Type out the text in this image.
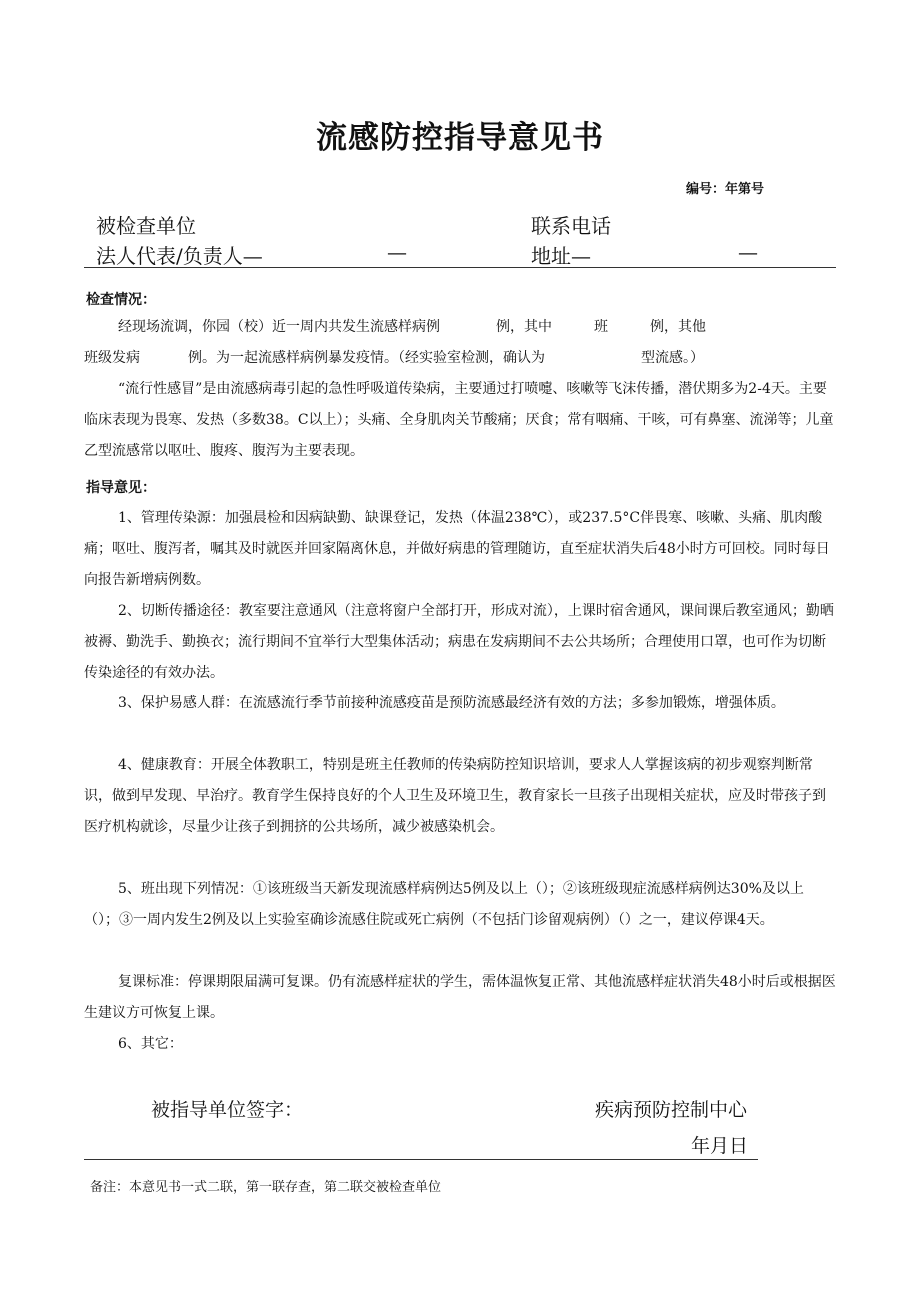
流感防控指导意见书
编号：年第号
被检查单位	联系电话
法人代表/负责人—	—	地址—	—
检查情况：
经现场流调，你园（校）近一周内共发生流感样病例	例，其中	班	例，其他
班级发病	例。为一起流感样病例暴发疫情。（经实验室检测，确认为	型流感。）
“流行性感冒”是由流感病毒引起的急性呼吸道传染病，主要通过打喷嚏、咳嗽等飞沫传播，潜伏期多为2-4天。主要临床表现为畏寒、发热（多数38。C以上）；头痛、全身肌肉关节酸痛；厌食；常有咽痛、干咳，可有鼻塞、流涕等；儿童乙型流感常以呕吐、腹疼、腹泻为主要表现。
指导意见：
1、管理传染源：加强晨检和因病缺勤、缺课登记，发热（体温238℃），或237.5°C伴畏寒、咳嗽、头痛、肌肉酸痛；呕吐、腹泻者，嘱其及时就医并回家隔离休息，并做好病患的管理随访，直至症状消失后48小时方可回校。同时每日向报告新增病例数。
2、切断传播途径：教室要注意通风（注意将窗户全部打开，形成对流），上课时宿舍通风，课间课后教室通风；勤晒被褥、勤洗手、勤换衣；流行期间不宜举行大型集体活动；病患在发病期间不去公共场所；合理使用口罩，也可作为切断传染途径的有效办法。
3、保护易感人群：在流感流行季节前接种流感疫苗是预防流感最经济有效的方法；多参加锻炼，增强体质。
4、健康教育：开展全体教职工，特别是班主任教师的传染病防控知识培训，要求人人掌握该病的初步观察判断常识，做到早发现、早治疗。教育学生保持良好的个人卫生及环境卫生，教育家长一旦孩子出现相关症状，应及时带孩子到医疗机构就诊，尽量少让孩子到拥挤的公共场所，减少被感染机会。
5、班出现下列情况：①该班级当天新发现流感样病例达5例及以上（）；②该班级现症流感样病例达30%及以上（）；③一周内发生2例及以上实验室确诊流感住院或死亡病例（不包括门诊留观病例）（）之一，建议停课4天。
复课标准：停课期限届满可复课。仍有流感样症状的学生，需体温恢复正常、其他流感样症状消失48小时后或根据医生建议方可恢复上课。
6、其它：
被指导单位签字：	疾病预防控制中心
年月日
备注：本意见书一式二联，第一联存查，第二联交被检查单位
